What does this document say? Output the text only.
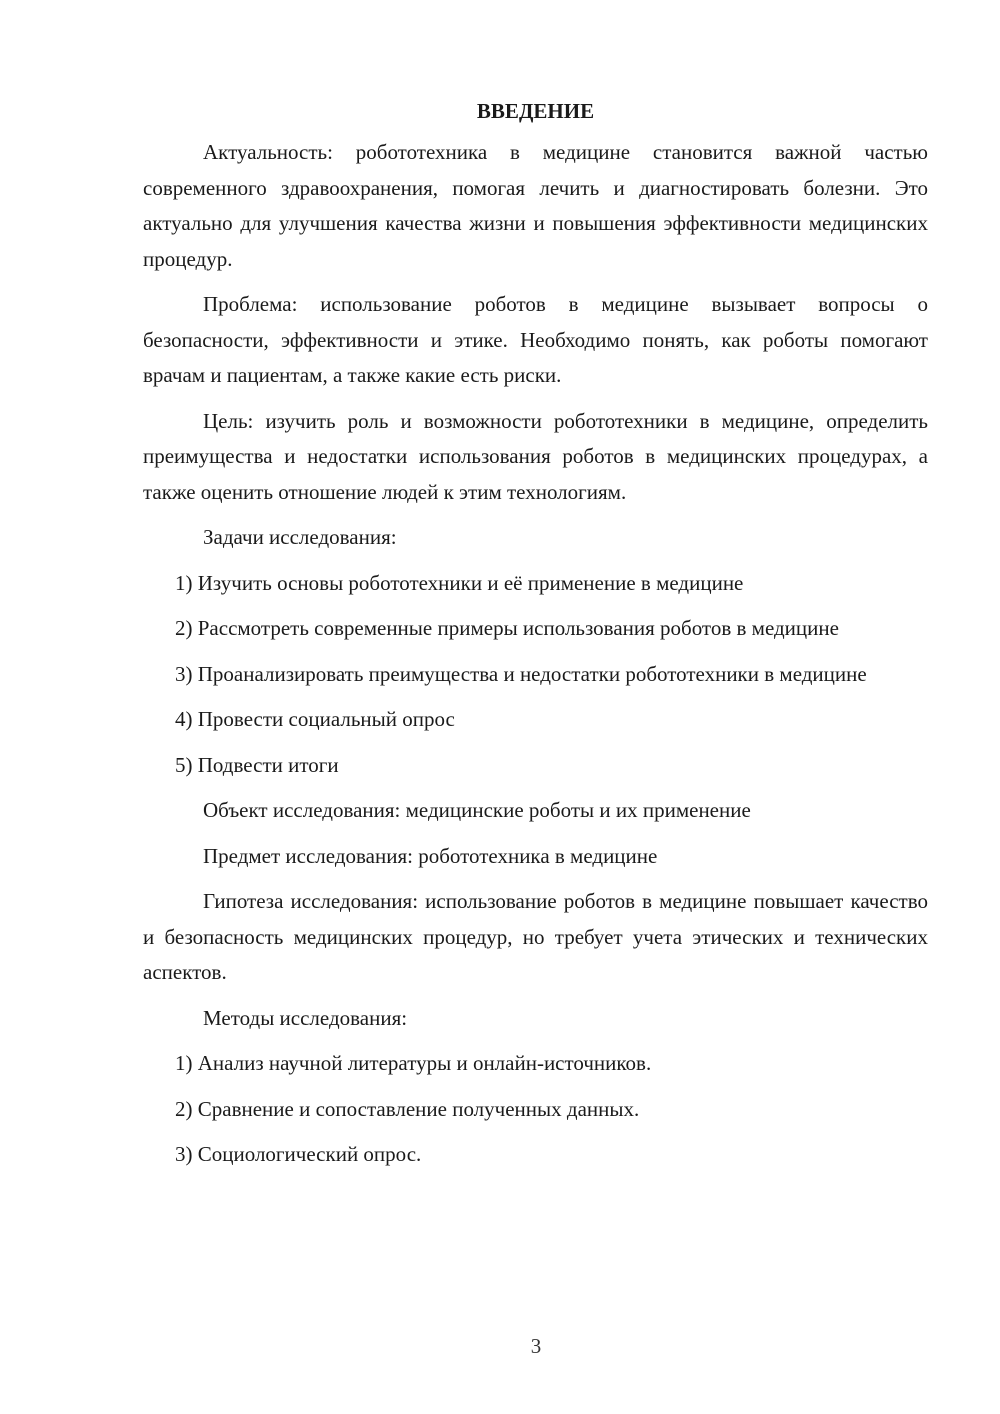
ВВЕДЕНИЕ

Актуальность: робототехника в медицине становится важной частью современного здравоохранения, помогая лечить и диагностировать болезни. Это актуально для улучшения качества жизни и повышения эффективности медицинских процедур.

Проблема: использование роботов в медицине вызывает вопросы о безопасности, эффективности и этике. Необходимо понять, как роботы помогают врачам и пациентам, а также какие есть риски.

Цель: изучить роль и возможности робототехники в медицине, определить преимущества и недостатки использования роботов в медицинских процедурах, а также оценить отношение людей к этим технологиям.

Задачи исследования:

1) Изучить основы робототехники и её применение в медицине

2) Рассмотреть современные примеры использования роботов в медицине

3) Проанализировать преимущества и недостатки робототехники в медицине

4) Провести социальный опрос

5) Подвести итоги

Объект исследования: медицинские роботы и их применение

Предмет исследования: робототехника в медицине

Гипотеза исследования: использование роботов в медицине повышает качество и безопасность медицинских процедур, но требует учета этических и технических аспектов.

Методы исследования:

1) Анализ научной литературы и онлайн-источников.

2) Сравнение и сопоставление полученных данных.

3) Социологический опрос.

3
